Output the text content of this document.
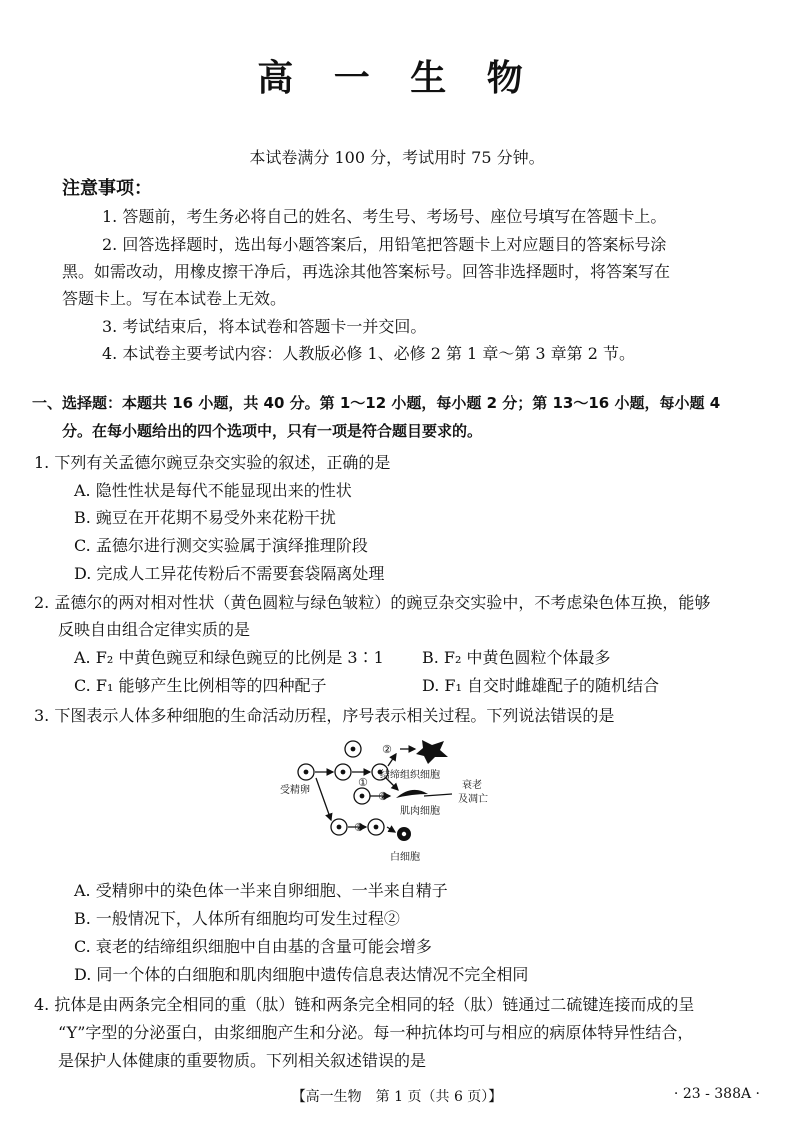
高 一 生 物
本试卷满分 100 分，考试用时 75 分钟。
注意事项：
1. 答题前，考生务必将自己的姓名、考生号、考场号、座位号填写在答题卡上。
2. 回答选择题时，选出每小题答案后，用铅笔把答题卡上对应题目的答案标号涂
黑。如需改动，用橡皮擦干净后，再选涂其他答案标号。回答非选择题时，将答案写在
答题卡上。写在本试卷上无效。
3. 考试结束后，将本试卷和答题卡一并交回。
4. 本试卷主要考试内容：人教版必修 1、必修 2 第 1 章～第 3 章第 2 节。
一、选择题：本题共 16 小题，共 40 分。第 1～12 小题，每小题 2 分；第 13～16 小题，每小题 4
分。在每小题给出的四个选项中，只有一项是符合题目要求的。
1. 下列有关孟德尔豌豆杂交实验的叙述，正确的是
A. 隐性性状是每代不能显现出来的性状
B. 豌豆在开花期不易受外来花粉干扰
C. 孟德尔进行测交实验属于演绎推理阶段
D. 完成人工异花传粉后不需要套袋隔离处理
2. 孟德尔的两对相对性状（黄色圆粒与绿色皱粒）的豌豆杂交实验中，不考虑染色体互换，能够
反映自由组合定律实质的是
A. F₂ 中黄色豌豆和绿色豌豆的比例是 3∶1 B. F₂ 中黄色圆粒个体最多
C. F₁ 能够产生比例相等的四种配子	D. F₁ 自交时雌雄配子的随机结合
3. 下图表示人体多种细胞的生命活动历程，序号表示相关过程。下列说法错误的是
②
①
②
②
受精卵
结缔组织细胞
肌肉细胞
白细胞
衰老
及凋亡
A. 受精卵中的染色体一半来自卵细胞、一半来自精子
B. 一般情况下，人体所有细胞均可发生过程②
C. 衰老的结缔组织细胞中自由基的含量可能会增多
D. 同一个体的白细胞和肌肉细胞中遗传信息表达情况不完全相同
4. 抗体是由两条完全相同的重（肽）链和两条完全相同的轻（肽）链通过二硫键连接而成的呈
“Y”字型的分泌蛋白，由浆细胞产生和分泌。每一种抗体均可与相应的病原体特异性结合，
是保护人体健康的重要物质。下列相关叙述错误的是
【高一生物　第 1 页（共 6 页）】	· 23 - 388A ·
